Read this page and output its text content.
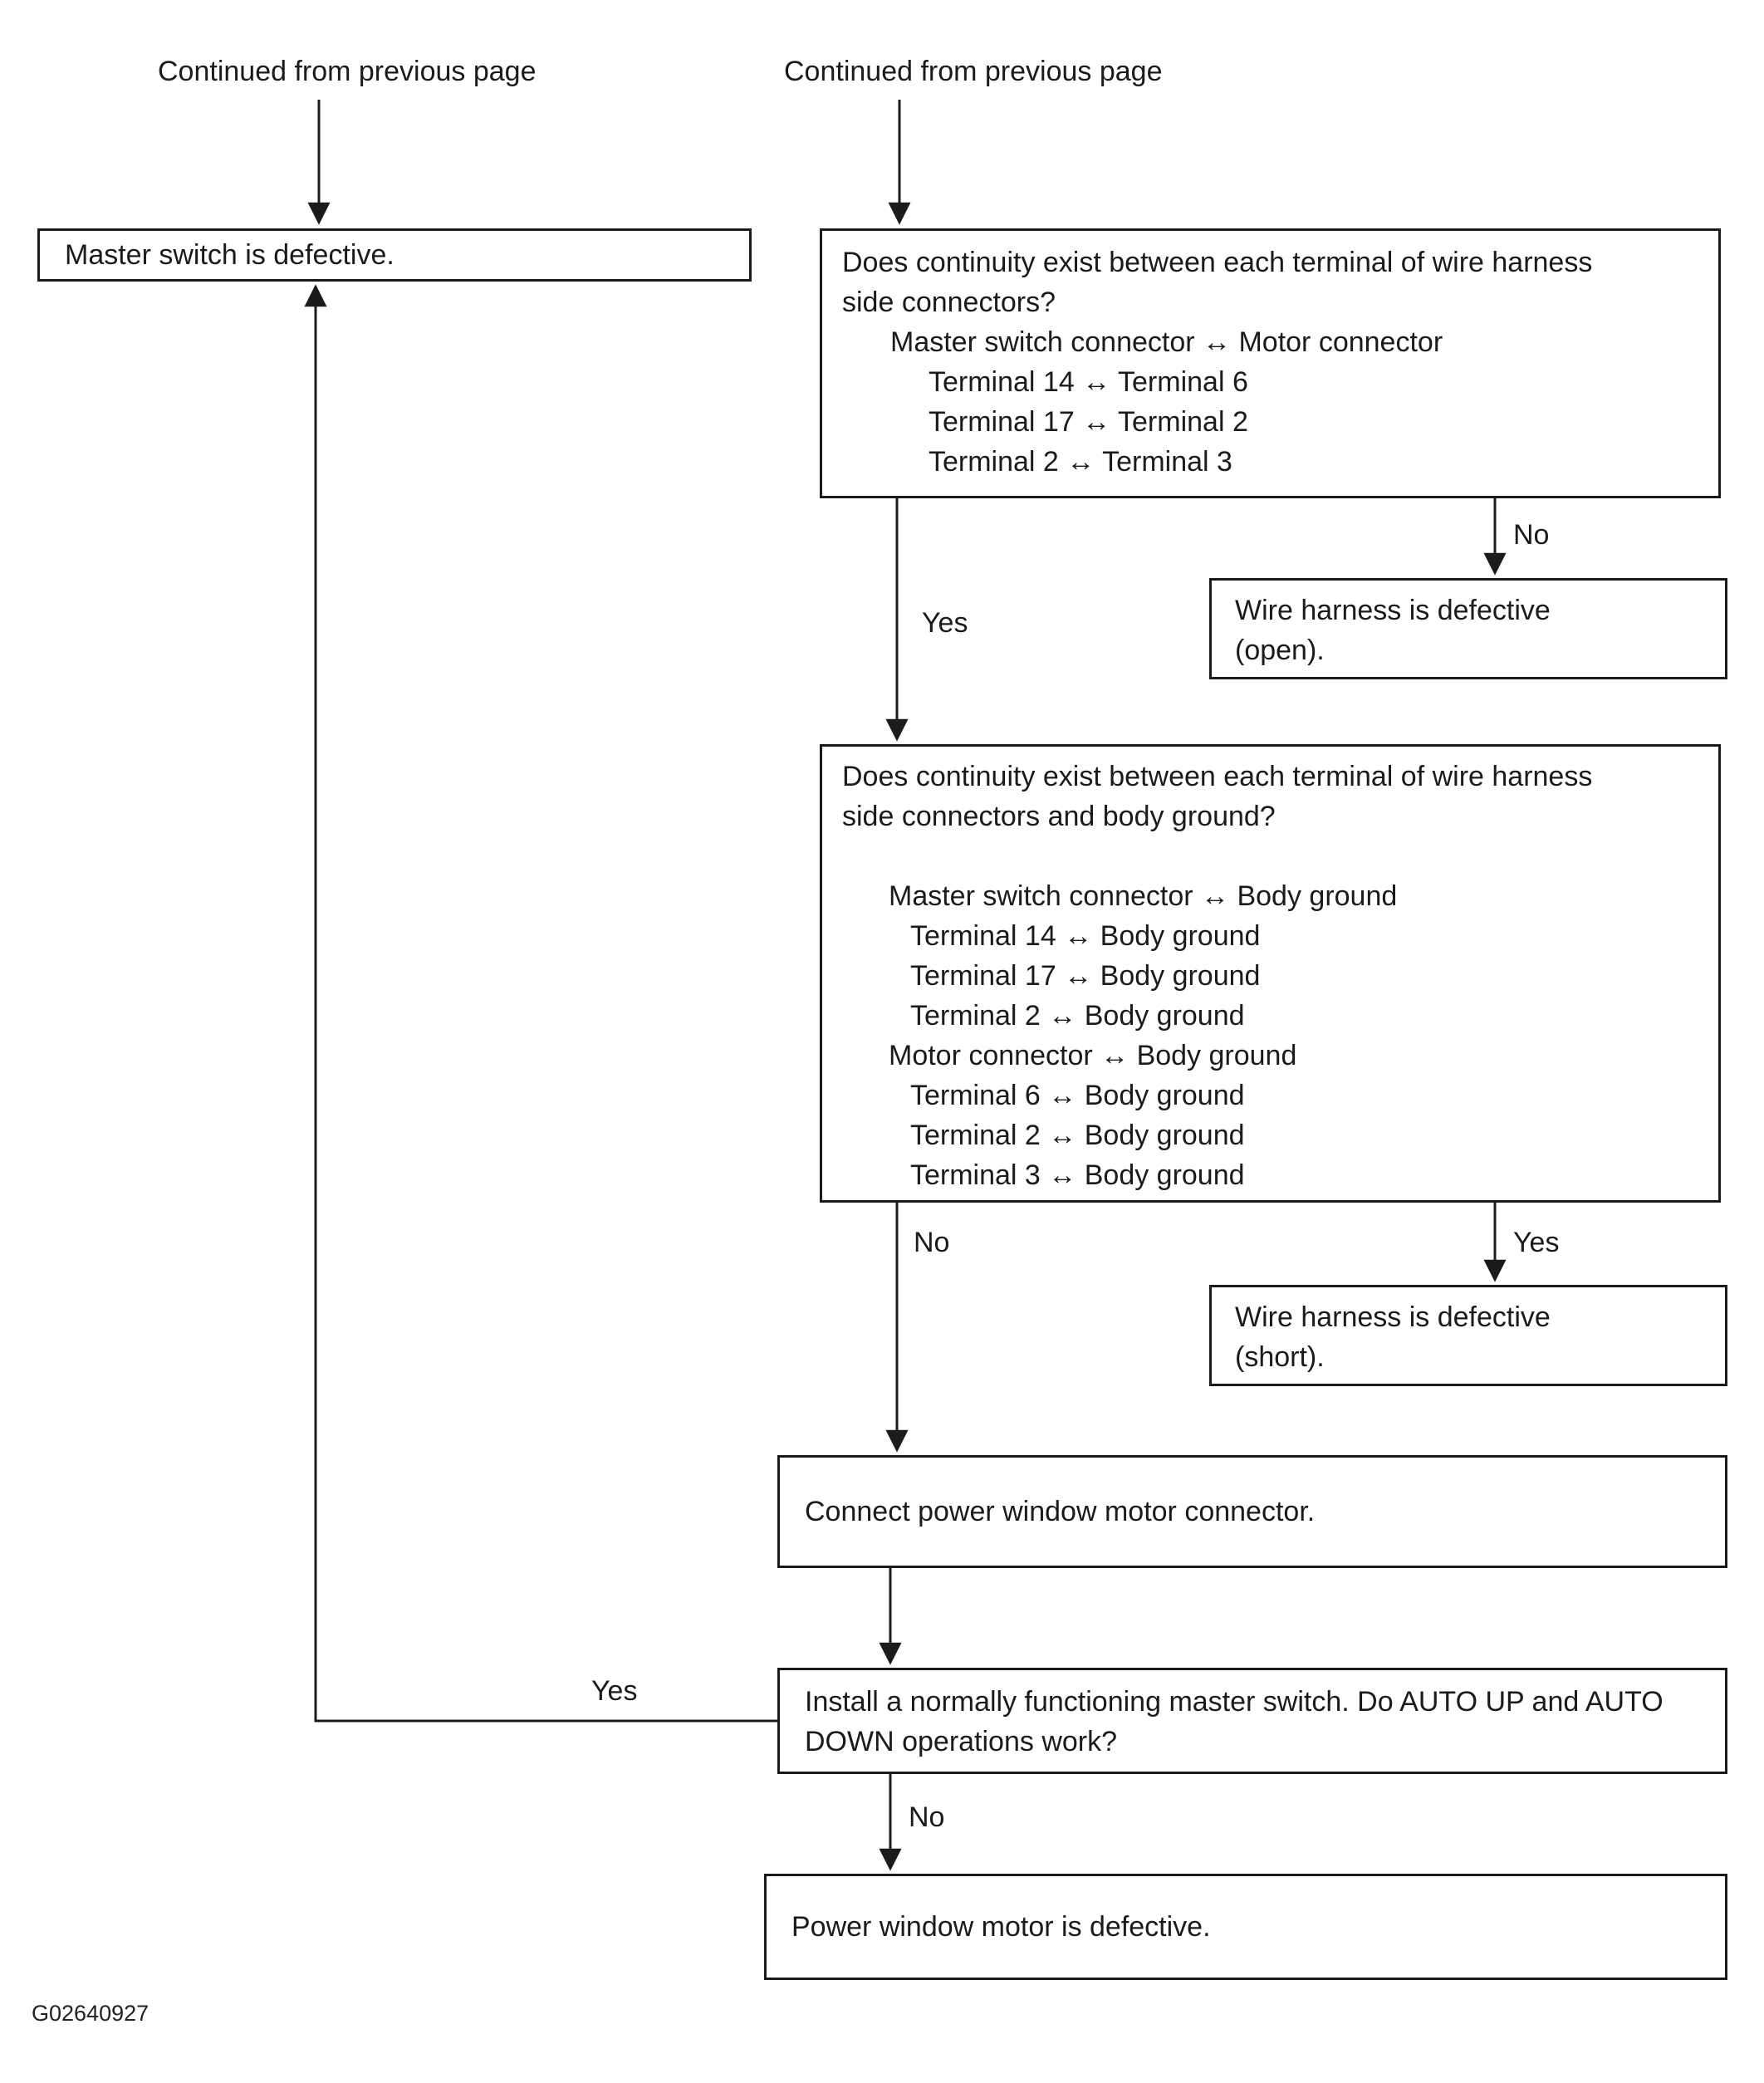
Continued from previous page	Continued from previous page
Master switch is defective.	Does continuity exist between each terminal of wire harness
side connectors?
Master switch connector ↔ Motor connector
Terminal 14 ↔ Terminal 6
Terminal 17 ↔ Terminal 2
Terminal 2 ↔ Terminal 3
No
Wire harness is defective
(open).
Yes
Does continuity exist between each terminal of wire harness
side connectors and body ground?
Master switch connector ↔ Body ground
Terminal 14 ↔ Body ground
Terminal 17 ↔ Body ground
Terminal 2 ↔ Body ground
Motor connector ↔ Body ground
Terminal 6 ↔ Body ground
Terminal 2 ↔ Body ground
Terminal 3 ↔ Body ground
No	Yes
Wire harness is defective
(short).
Connect power window motor connector.
Yes	Install a normally functioning master switch. Do AUTO UP and AUTO DOWN operations work?
No
Power window motor is defective.
G02640927
